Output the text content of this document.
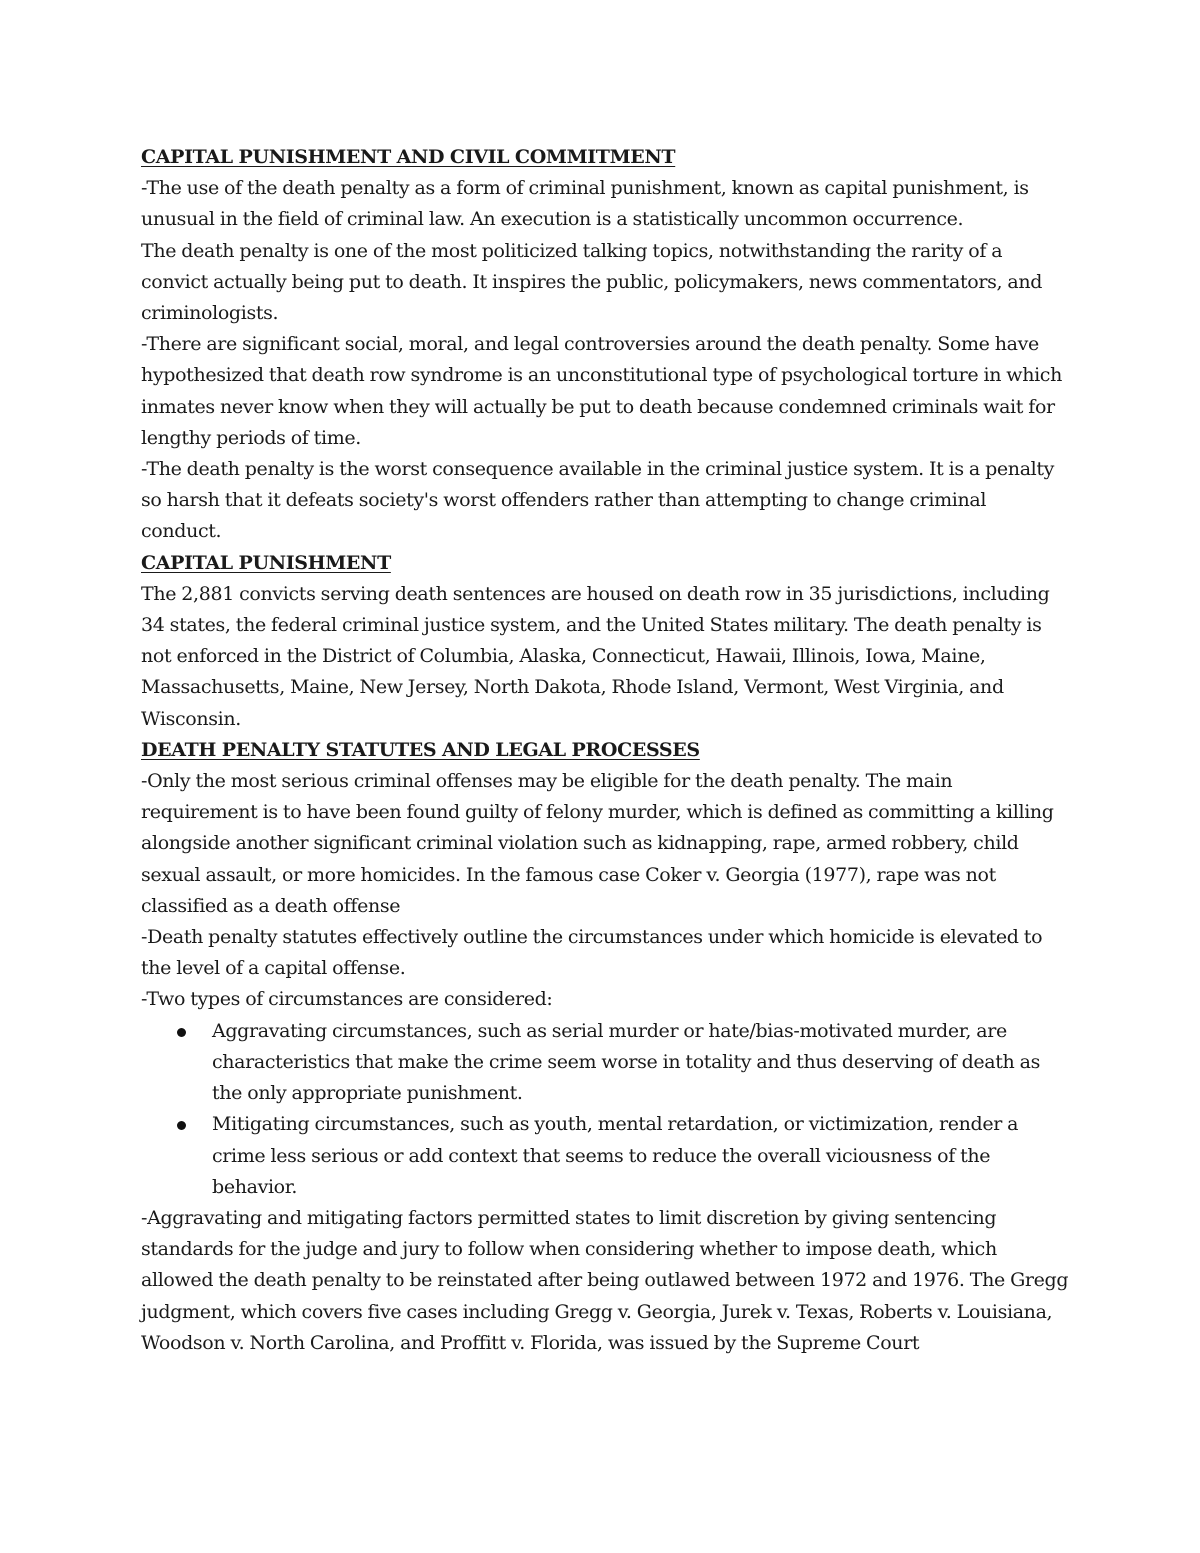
CAPITAL PUNISHMENT AND CIVIL COMMITMENT

-The use of the death penalty as a form of criminal punishment, known as capital punishment, is unusual in the field of criminal law. An execution is a statistically uncommon occurrence.

The death penalty is one of the most politicized talking topics, notwithstanding the rarity of a convict actually being put to death. It inspires the public, policymakers, news commentators, and criminologists.

-There are significant social, moral, and legal controversies around the death penalty. Some have hypothesized that death row syndrome is an unconstitutional type of psychological torture in which inmates never know when they will actually be put to death because condemned criminals wait for lengthy periods of time.

-The death penalty is the worst consequence available in the criminal justice system. It is a penalty so harsh that it defeats society's worst offenders rather than attempting to change criminal conduct.

CAPITAL PUNISHMENT

The 2,881 convicts serving death sentences are housed on death row in 35 jurisdictions, including 34 states, the federal criminal justice system, and the United States military. The death penalty is not enforced in the District of Columbia, Alaska, Connecticut, Hawaii, Illinois, Iowa, Maine, Massachusetts, Maine, New Jersey, North Dakota, Rhode Island, Vermont, West Virginia, and Wisconsin.

DEATH PENALTY STATUTES AND LEGAL PROCESSES

-Only the most serious criminal offenses may be eligible for the death penalty. The main requirement is to have been found guilty of felony murder, which is defined as committing a killing alongside another significant criminal violation such as kidnapping, rape, armed robbery, child sexual assault, or more homicides. In the famous case Coker v. Georgia (1977), rape was not classified as a death offense

-Death penalty statutes effectively outline the circumstances under which homicide is elevated to the level of a capital offense.

-Two types of circumstances are considered:

Aggravating circumstances, such as serial murder or hate/bias-motivated murder, are characteristics that make the crime seem worse in totality and thus deserving of death as the only appropriate punishment.
Mitigating circumstances, such as youth, mental retardation, or victimization, render a crime less serious or add context that seems to reduce the overall viciousness of the behavior.

-Aggravating and mitigating factors permitted states to limit discretion by giving sentencing standards for the judge and jury to follow when considering whether to impose death, which allowed the death penalty to be reinstated after being outlawed between 1972 and 1976. The Gregg judgment, which covers five cases including Gregg v. Georgia, Jurek v. Texas, Roberts v. Louisiana, Woodson v. North Carolina, and Proffitt v. Florida, was issued by the Supreme Court
